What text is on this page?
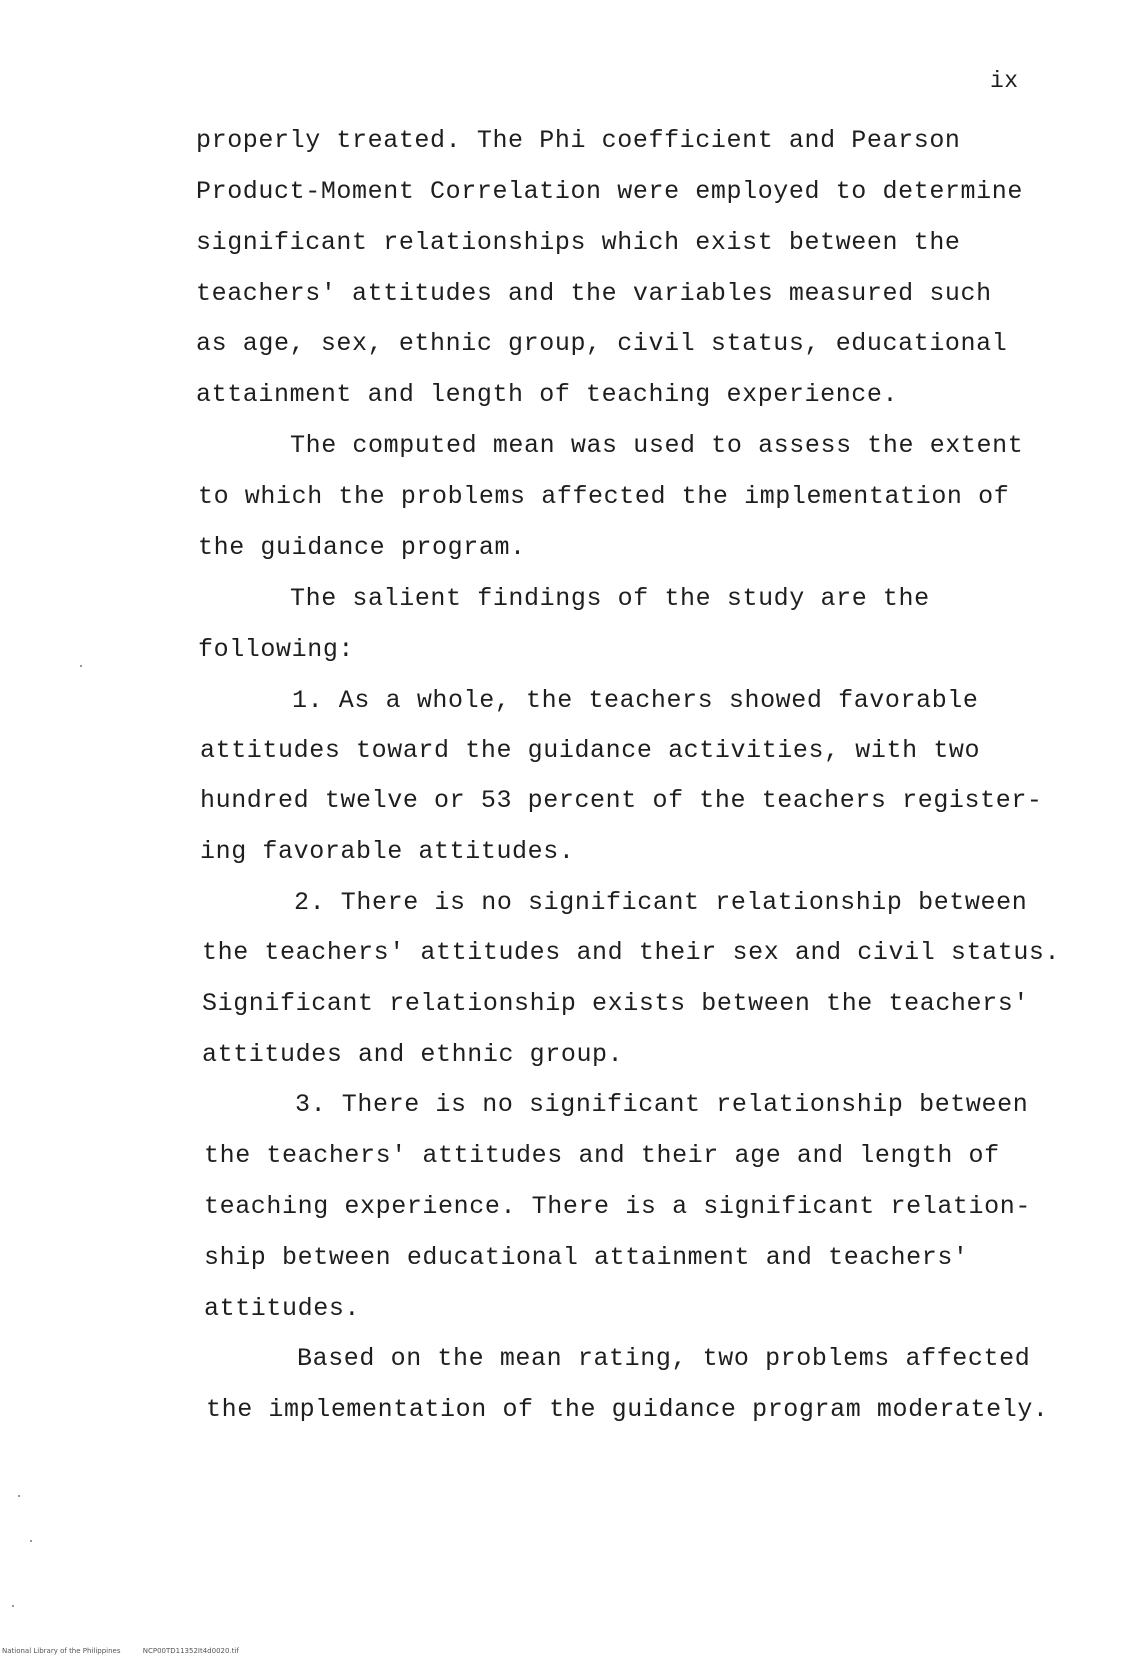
ix
properly treated. The Phi coefficient and Pearson
Product-Moment Correlation were employed to determine
significant relationships which exist between the
teachers' attitudes and the variables measured such
as age, sex, ethnic group, civil status, educational
attainment and length of teaching experience.
The computed mean was used to assess the extent
to which the problems affected the implementation of
the guidance program.
The salient findings of the study are the
following:
1. As a whole, the teachers showed favorable
attitudes toward the guidance activities, with two
hundred twelve or 53 percent of the teachers register-
ing favorable attitudes.
2. There is no significant relationship between
the teachers' attitudes and their sex and civil status.
Significant relationship exists between the teachers'
attitudes and ethnic group.
3. There is no significant relationship between
the teachers' attitudes and their age and length of
teaching experience. There is a significant relation-
ship between educational attainment and teachers'
attitudes.
Based on the mean rating, two problems affected
the implementation of the guidance program moderately.
National Library of the Philippines	NCP00TD11352It4d0020.tif
